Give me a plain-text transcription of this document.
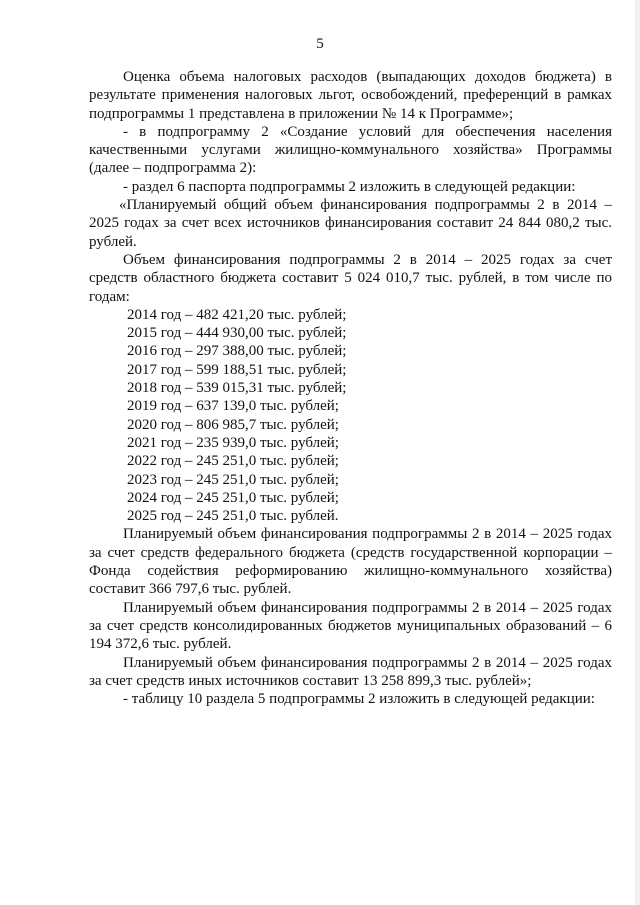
5

Оценка объема налоговых расходов (выпадающих доходов бюджета) в результате применения налоговых льгот, освобождений, преференций в рамках подпрограммы 1 представлена в приложении № 14 к Программе»;

- в подпрограмму 2 «Создание условий для обеспечения населения качественными услугами жилищно-коммунального хозяйства» Программы (далее – подпрограмма 2):

- раздел 6 паспорта подпрограммы 2 изложить в следующей редакции:

«Планируемый общий объем финансирования подпрограммы 2 в 2014 – 2025 годах за счет всех источников финансирования составит 24 844 080,2 тыс. рублей.

Объем финансирования подпрограммы 2 в 2014 – 2025 годах за счет средств областного бюджета составит 5 024 010,7 тыс. рублей, в том числе по годам:

2014 год – 482 421,20 тыс. рублей;

2015 год – 444 930,00 тыс. рублей;

2016 год – 297 388,00 тыс. рублей;

2017 год – 599 188,51 тыс. рублей;

2018 год – 539 015,31 тыс. рублей;

2019 год – 637 139,0 тыс. рублей;

2020 год – 806 985,7 тыс. рублей;

2021 год – 235 939,0 тыс. рублей;

2022 год – 245 251,0 тыс. рублей;

2023 год – 245 251,0 тыс. рублей;

2024 год – 245 251,0 тыс. рублей;

2025 год – 245 251,0 тыс. рублей.

Планируемый объем финансирования подпрограммы 2 в 2014 – 2025 годах за счет средств федерального бюджета (средств государственной корпорации – Фонда содействия реформированию жилищно-коммунального хозяйства) составит 366 797,6 тыс. рублей.

Планируемый объем финансирования подпрограммы 2 в 2014 – 2025 годах за счет средств консолидированных бюджетов муниципальных образований – 6 194 372,6 тыс. рублей.

Планируемый объем финансирования подпрограммы 2 в 2014 – 2025 годах за счет средств иных источников составит 13 258 899,3 тыс. рублей»;

- таблицу 10 раздела 5 подпрограммы 2 изложить в следующей редакции:
